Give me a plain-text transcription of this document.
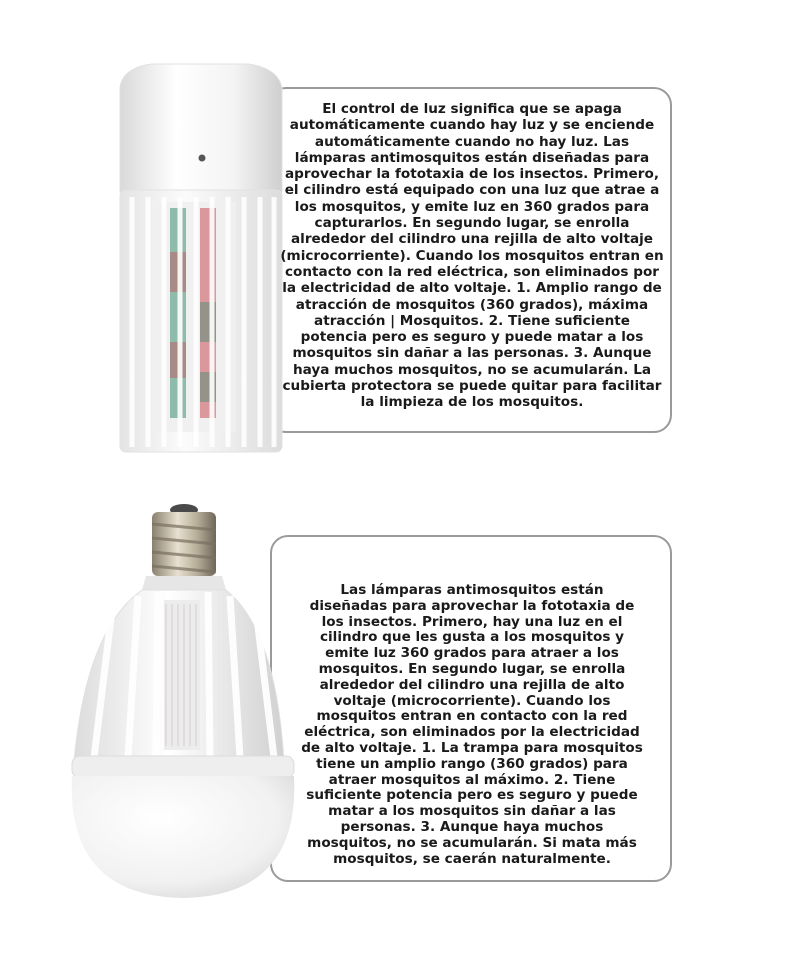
El control de luz significa que se apaga automáticamente cuando hay luz y se enciende automáticamente cuando no hay luz. Las lámparas antimosquitos están diseñadas para aprovechar la fototaxia de los insectos. Primero, el cilindro está equipado con una luz que atrae a los mosquitos, y emite luz en 360 grados para capturarlos. En segundo lugar, se enrolla alrededor del cilindro una rejilla de alto voltaje (microcorriente). Cuando los mosquitos entran en contacto con la red eléctrica, son eliminados por la electricidad de alto voltaje. 1. Amplio rango de atracción de mosquitos (360 grados), máxima atracción | Mosquitos. 2. Tiene suficiente potencia pero es seguro y puede matar a los mosquitos sin dañar a las personas. 3. Aunque haya muchos mosquitos, no se acumularán. La cubierta protectora se puede quitar para facilitar la limpieza de los mosquitos.

Las lámparas antimosquitos están diseñadas para aprovechar la fototaxia de los insectos. Primero, hay una luz en el cilindro que les gusta a los mosquitos y emite luz 360 grados para atraer a los mosquitos. En segundo lugar, se enrolla alrededor del cilindro una rejilla de alto voltaje (microcorriente). Cuando los mosquitos entran en contacto con la red eléctrica, son eliminados por la electricidad de alto voltaje. 1. La trampa para mosquitos tiene un amplio rango (360 grados) para atraer mosquitos al máximo. 2. Tiene suficiente potencia pero es seguro y puede matar a los mosquitos sin dañar a las personas. 3. Aunque haya muchos mosquitos, no se acumularán. Si mata más mosquitos, se caerán naturalmente.
